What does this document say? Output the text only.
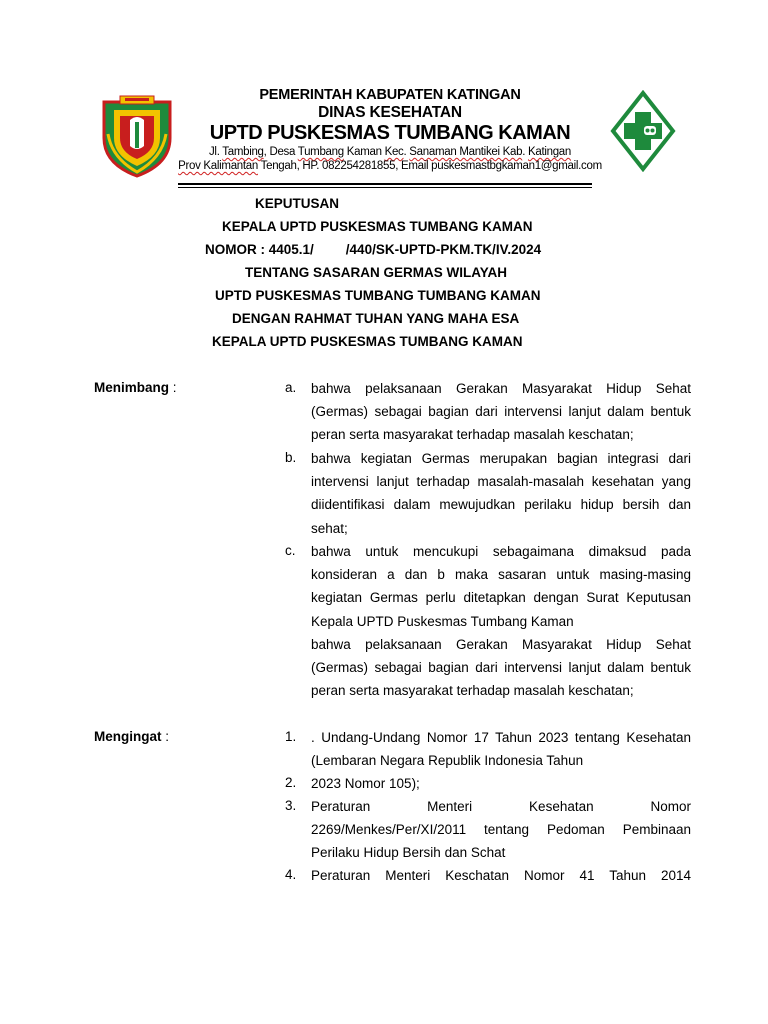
PEMERINTAH KABUPATEN KATINGAN
DINAS KESEHATAN
UPTD PUSKESMAS TUMBANG KAMAN
Jl. Tambing, Desa Tumbang Kaman Kec. Sanaman Mantikei Kab. Katingan
Prov Kalimantan Tengah, HP. 082254281855, Email puskesmastbgkaman1@gmail.com
KEPUTUSAN
KEPALA UPTD PUSKESMAS TUMBANG KAMAN
NOMOR : 4405.1/ /440/SK-UPTD-PKM.TK/IV.2024
TENTANG SASARAN GERMAS WILAYAH
UPTD PUSKESMAS TUMBANG TUMBANG KAMAN
DENGAN RAHMAT TUHAN YANG MAHA ESA
KEPALA UPTD PUSKESMAS TUMBANG KAMAN
Menimbang :	a. bahwa pelaksanaan Gerakan Masyarakat Hidup Sehat
(Germas) sebagai bagian dari intervensi lanjut dalam bentuk
peran serta masyarakat terhadap masalah keschatan;
b. bahwa kegiatan Germas merupakan bagian integrasi dari
intervensi lanjut terhadap masalah-masalah kesehatan yang
diidentifikasi dalam mewujudkan perilaku hidup bersih dan
sehat;
c. bahwa untuk mencukupi sebagaimana dimaksud pada
konsideran a dan b maka sasaran untuk masing-masing
kegiatan Germas perlu ditetapkan dengan Surat Keputusan
Kepala UPTD Puskesmas Tumbang Kaman
bahwa pelaksanaan Gerakan Masyarakat Hidup Sehat
(Germas) sebagai bagian dari intervensi lanjut dalam bentuk
peran serta masyarakat terhadap masalah keschatan;
Mengingat :	1. . Undang-Undang Nomor 17 Tahun 2023 tentang Kesehatan
(Lembaran Negara Republik Indonesia Tahun
2. 2023 Nomor 105);
3. Peraturan Menteri Kesehatan Nomor
2269/Menkes/Per/XI/2011 tentang Pedoman Pembinaan
Perilaku Hidup Bersih dan Schat
4. Peraturan Menteri Keschatan Nomor 41 Tahun 2014
